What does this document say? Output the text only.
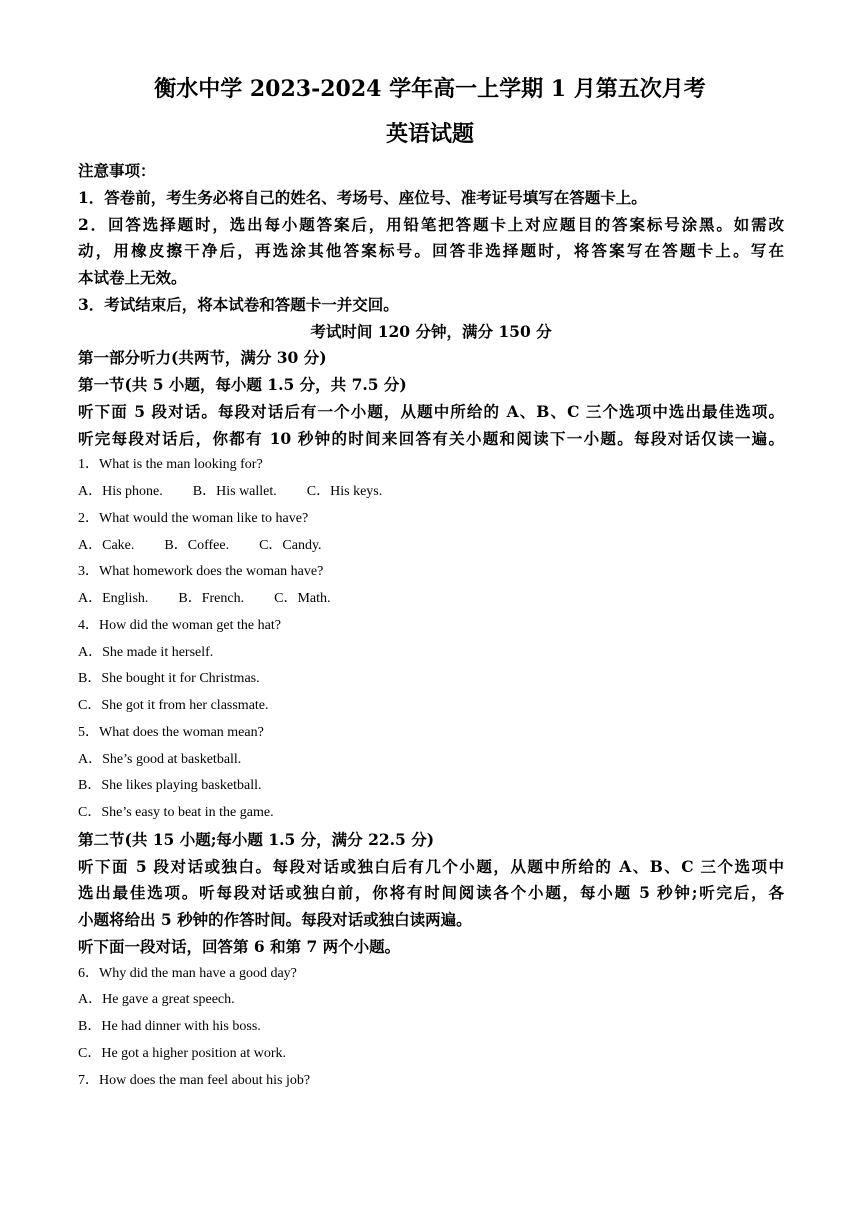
衡水中学 2023-2024 学年高一上学期 1 月第五次月考
英语试题
注意事项：
1．答卷前，考生务必将自己的姓名、考场号、座位号、准考证号填写在答题卡上。
2．回答选择题时，选出每小题答案后，用铅笔把答题卡上对应题目的答案标号涂黑。如需改
动，用橡皮擦干净后，再选涂其他答案标号。回答非选择题时，将答案写在答题卡上。写在
本试卷上无效。
3．考试结束后，将本试卷和答题卡一并交回。
考试时间 120 分钟，满分 150 分
第一部分听力(共两节，满分 30 分)
第一节(共 5 小题，每小题 1.5 分，共 7.5 分)
听下面 5 段对话。每段对话后有一个小题，从题中所给的 A、B、C 三个选项中选出最佳选项。
听完每段对话后，你都有 10 秒钟的时间来回答有关小题和阅读下一小题。每段对话仅读一遍。
1．What is the man looking for?
A．His phone. B．His wallet. C．His keys.
2．What would the woman like to have?
A．Cake. B．Coffee. C．Candy.
3．What homework does the woman have?
A．English. B．French. C．Math.
4．How did the woman get the hat?
A．She made it herself.
B．She bought it for Christmas.
C．She got it from her classmate.
5．What does the woman mean?
A．She’s good at basketball.
B．She likes playing basketball.
C．She’s easy to beat in the game.
第二节(共 15 小题;每小题 1.5 分，满分 22.5 分)
听下面 5 段对话或独白。每段对话或独白后有几个小题，从题中所给的 A、B、C 三个选项中
选出最佳选项。听每段对话或独白前，你将有时间阅读各个小题，每小题 5 秒钟;听完后，各
小题将给出 5 秒钟的作答时间。每段对话或独白读两遍。
听下面一段对话，回答第 6 和第 7 两个小题。
6．Why did the man have a good day?
A．He gave a great speech.
B．He had dinner with his boss.
C．He got a higher position at work.
7．How does the man feel about his job?
